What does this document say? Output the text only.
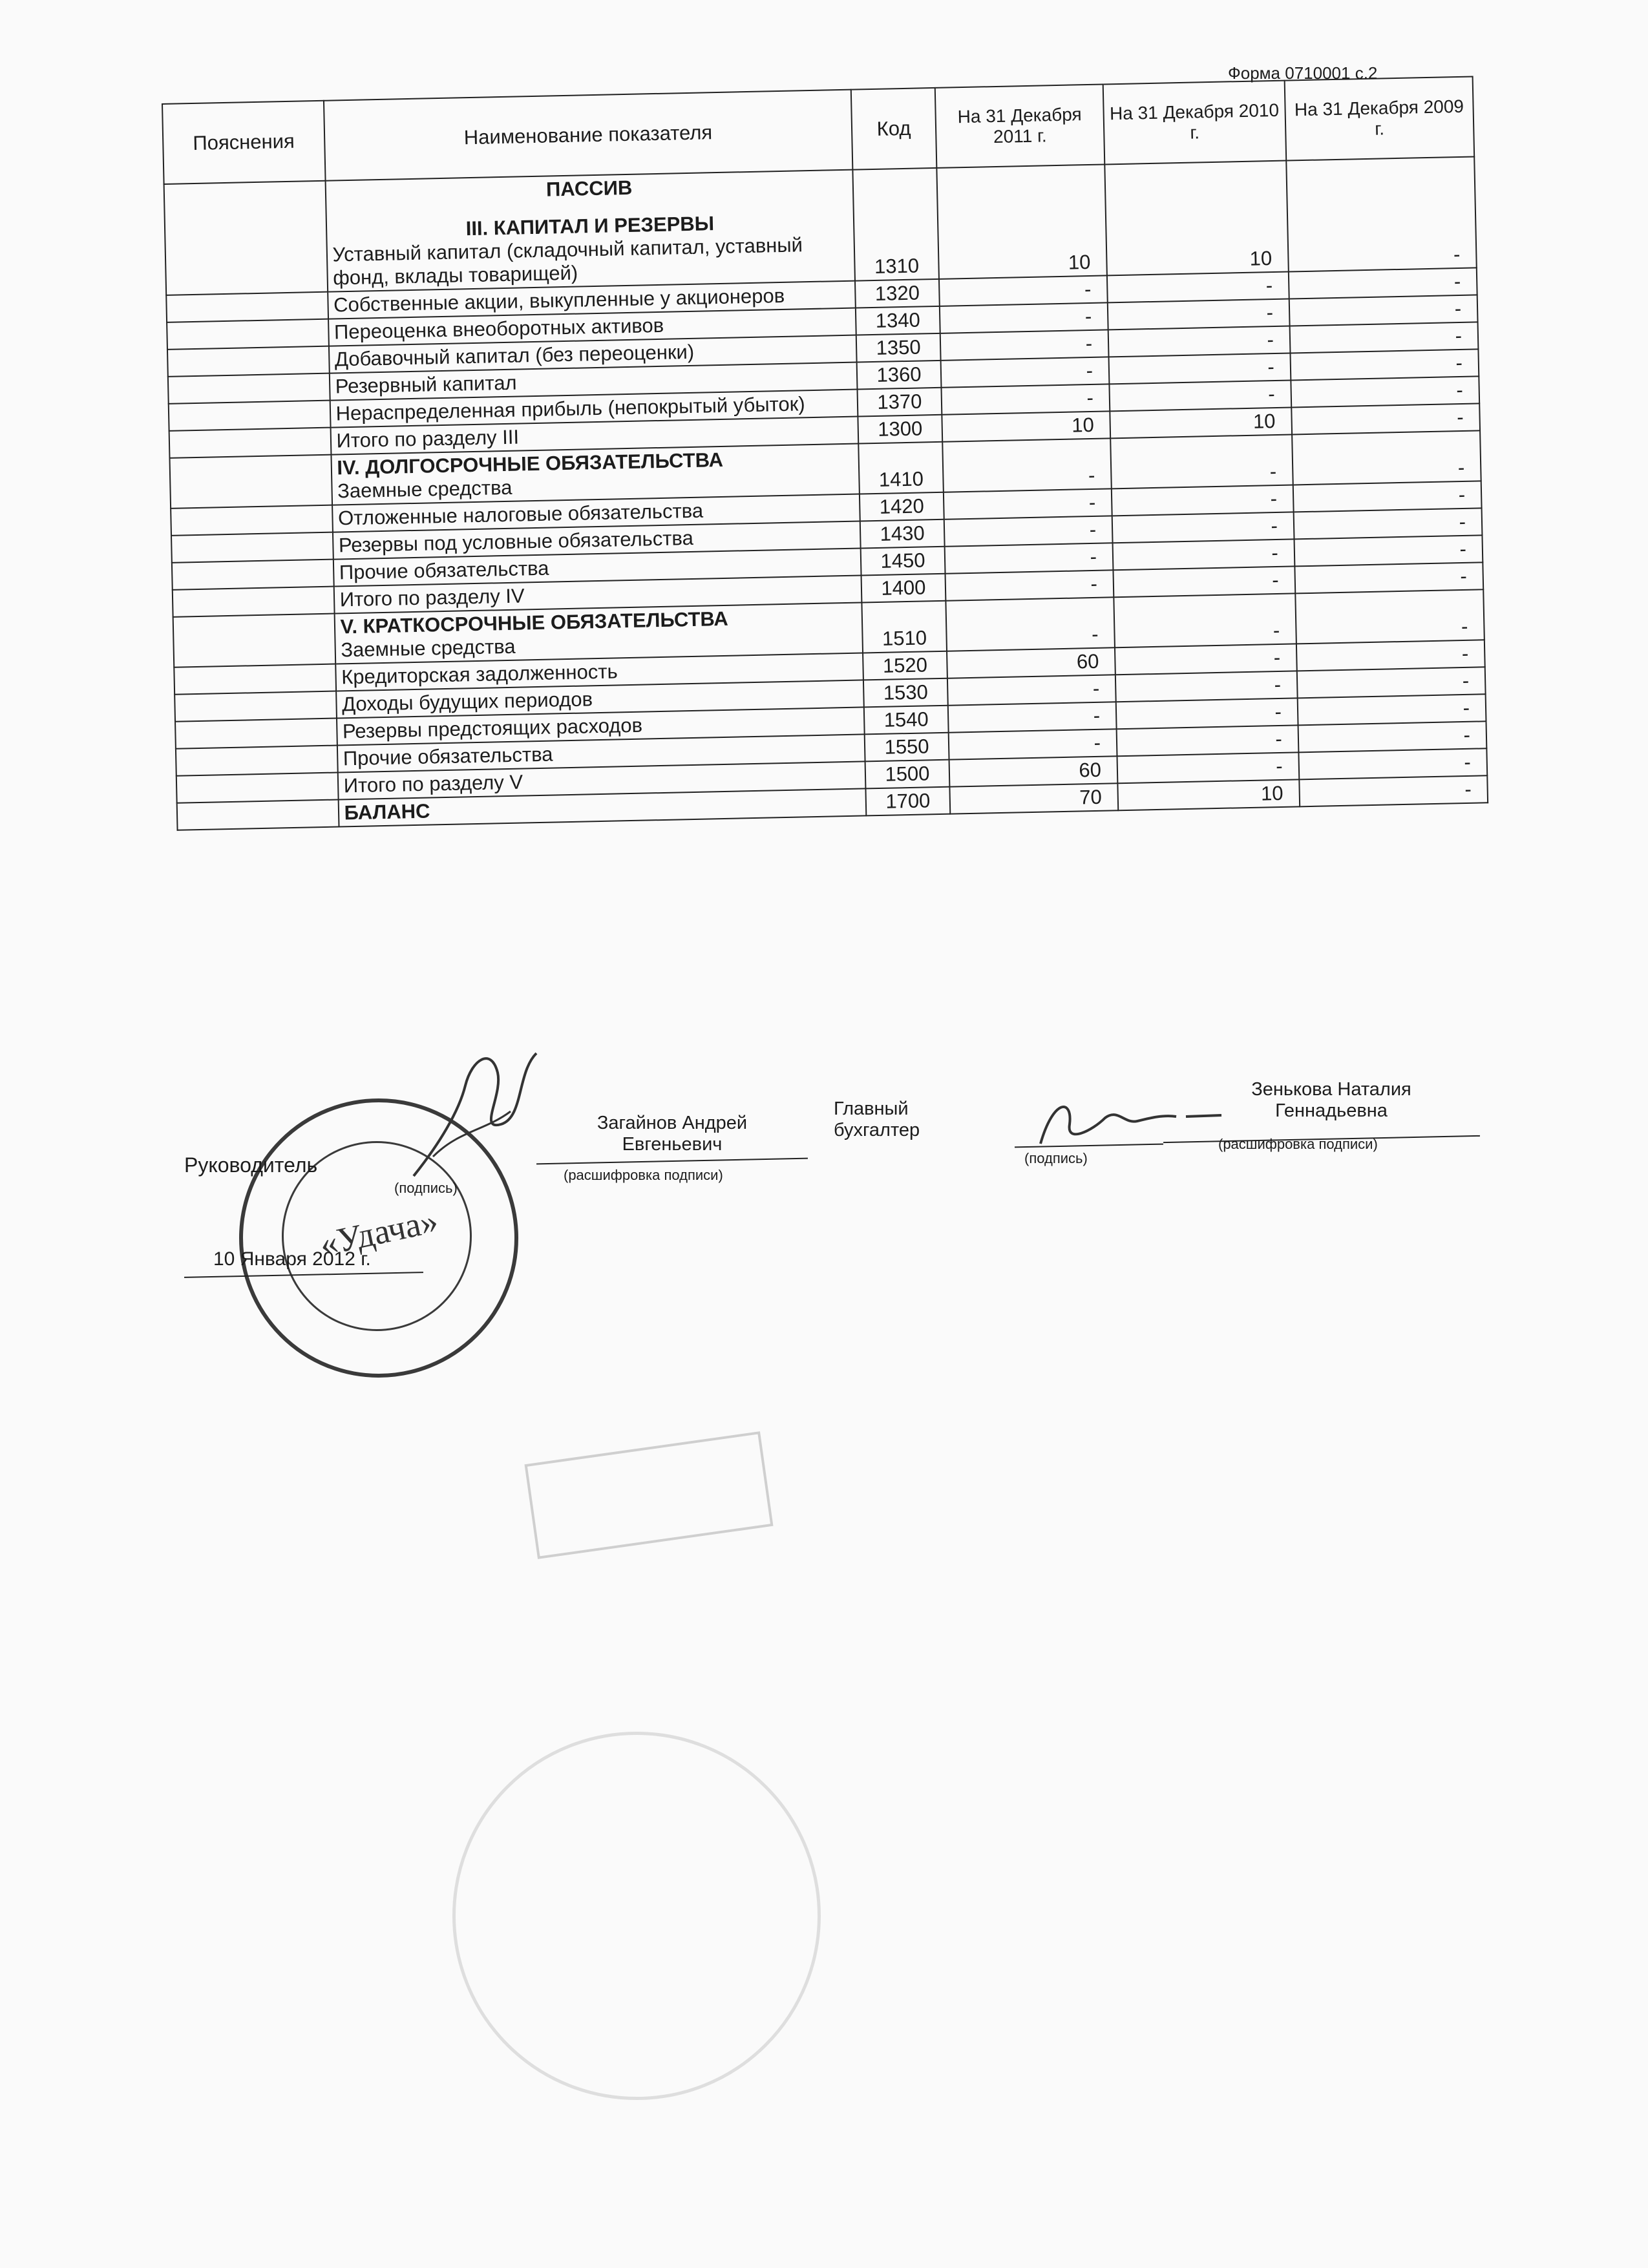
Форма 0710001 с.2
Пояснения	Наименование показателя	Код	На 31 Декабря 2011 г.	На 31 Декабря 2010 г.	На 31 Декабря 2009 г.

	ПАССИВ
III. КАПИТАЛ И РЕЗЕРВЫ
Уставный капитал (складочный капитал, уставный фонд, вклады товарищей)	1310	10	10	-
	Собственные акции, выкупленные у акционеров	1320	-	-	-
	Переоценка внеоборотных активов	1340	-	-	-
	Добавочный капитал (без переоценки)	1350	-	-	-
	Резервный капитал	1360	-	-	-
	Нераспределенная прибыль (непокрытый убыток)	1370	-	-	-
	Итого по разделу III	1300	10	10	-

	IV. ДОЛГОСРОЧНЫЕ ОБЯЗАТЕЛЬСТВА
Заемные средства	1410	-	-	-
	Отложенные налоговые обязательства	1420	-	-	-
	Резервы под условные обязательства	1430	-	-	-
	Прочие обязательства	1450	-	-	-
	Итого по разделу IV	1400	-	-	-

	V. КРАТКОСРОЧНЫЕ ОБЯЗАТЕЛЬСТВА
Заемные средства	1510	-	-	-
	Кредиторская задолженность	1520	60	-	-
	Доходы будущих периодов	1530	-	-	-
	Резервы предстоящих расходов	1540	-	-	-
	Прочие обязательства	1550	-	-	-
	Итого по разделу V	1500	60	-	-
	БАЛАНС	1700	70	10	-
«Удача»
Руководитель
(подпись)
Загайнов Андрей
Евгеньевич
(расшифровка подписи)
Главный
бухгалтер
(подпись)
Зенькова Наталия
Геннадьевна
(расшифровка подписи)
10 Января 2012 г.
